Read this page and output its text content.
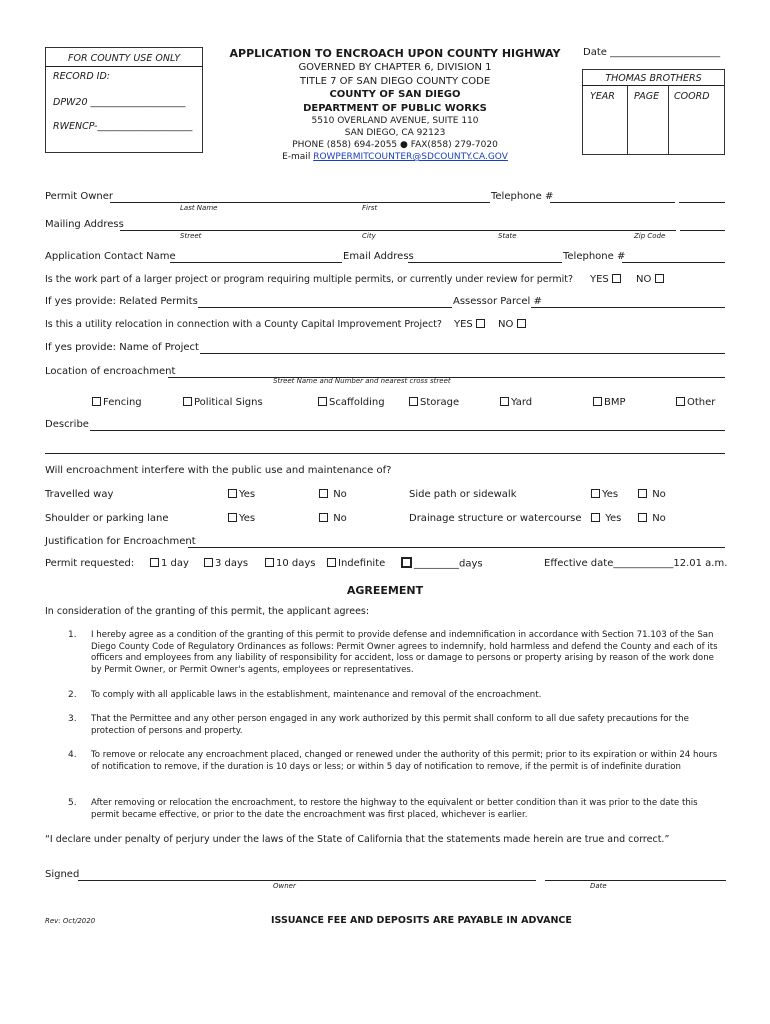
FOR COUNTY USE ONLY
RECORD ID:
DPW20 ____________________
RWENCP-____________________
APPLICATION TO ENCROACH UPON COUNTY HIGHWAY
GOVERNED BY CHAPTER 6, DIVISION 1
TITLE 7 OF SAN DIEGO COUNTY CODE
COUNTY OF SAN DIEGO
DEPARTMENT OF PUBLIC WORKS
5510 OVERLAND AVENUE, SUITE 110
SAN DIEGO, CA 92123
PHONE (858) 694-2055 ● FAX(858) 279-7020
E-mail ROWPERMITCOUNTER@SDCOUNTY.CA.GOV
Date ______________________
THOMAS BROTHERS
YEAR PAGE COORD
Permit Owner	Telephone #
Last Name	First
Mailing Address
Street	City	State	Zip Code
Application Contact Name	Email Address	Telephone #
Is the work part of a larger project or program requiring multiple permits, or currently under review for permit? YES	NO
If yes provide: Related Permits	Assessor Parcel #
Is this a utility relocation in connection with a County Capital Improvement Project? YES	NO
If yes provide: Name of Project
Location of encroachment
Street Name and Number and nearest cross street
Fencing	Political Signs	Scaffolding	Storage	Yard	BMP	Other
Describe
Will encroachment interfere with the public use and maintenance of?
Travelled way	Yes	No	Side path or sidewalk	Yes	No
Shoulder or parking lane	Yes	No	Drainage structure or watercourse	Yes	No
Justification for Encroachment
Permit requested:	1 day	3 days	10 days	Indefinite	_________days	Effective date____________12.01 a.m.
AGREEMENT
In consideration of the granting of this permit, the applicant agrees:
1. I hereby agree as a condition of the granting of this permit to provide defense and indemnification in accordance with Section 71.103 of the San Diego County Code of Regulatory Ordinances as follows: Permit Owner agrees to indemnify, hold harmless and defend the County and each of its officers and employees from any liability of responsibility for accident, loss or damage to persons or property arising by reason of the work done by Permit Owner, or Permit Owner's agents, employees or representatives.
2. To comply with all applicable laws in the establishment, maintenance and removal of the encroachment.
3. That the Permittee and any other person engaged in any work authorized by this permit shall conform to all due safety precautions for the protection of persons and property.
4. To remove or relocate any encroachment placed, changed or renewed under the authority of this permit; prior to its expiration or within 24 hours of notification to remove, if the duration is 10 days or less; or within 5 day of notification to remove, if the permit is of indefinite duration
5. After removing or relocation the encroachment, to restore the highway to the equivalent or better condition than it was prior to the date this permit became effective, or prior to the date the encroachment was first placed, whichever is earlier.
“I declare under penalty of perjury under the laws of the State of California that the statements made herein are true and correct.”
Signed
Owner	Date
Rev: Oct/2020	ISSUANCE FEE AND DEPOSITS ARE PAYABLE IN ADVANCE
